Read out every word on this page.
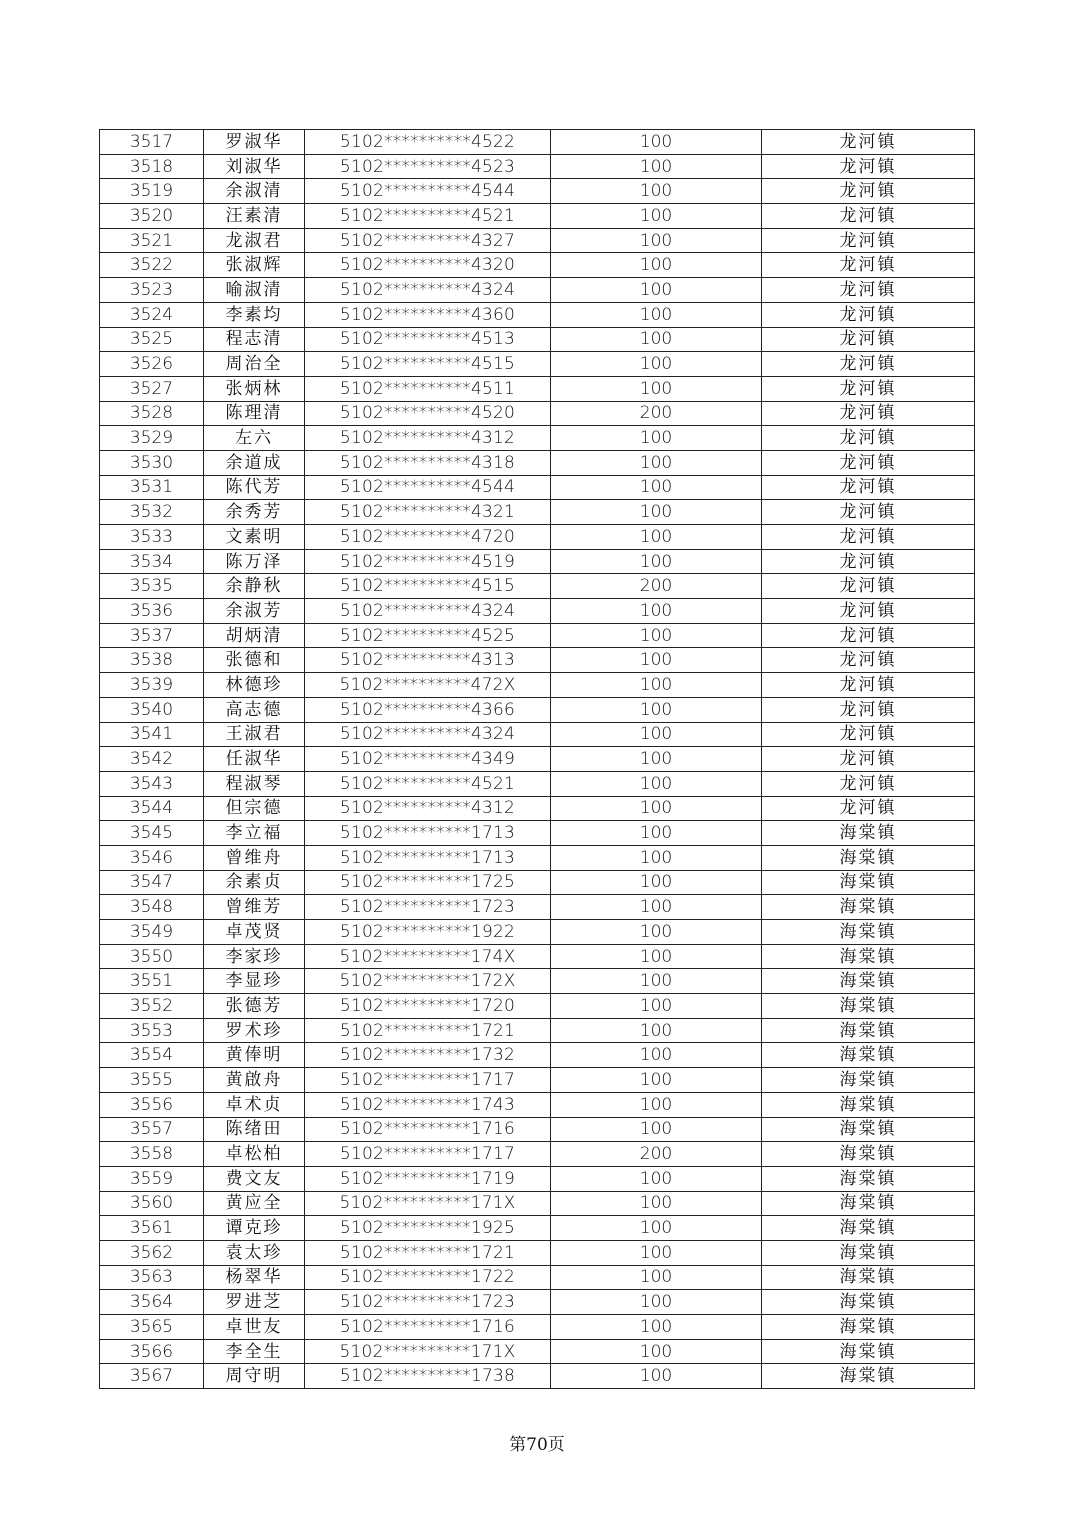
3517	罗淑华	5102**********4522	100	龙河镇
3518	刘淑华	5102**********4523	100	龙河镇
3519	余淑清	5102**********4544	100	龙河镇
3520	汪素清	5102**********4521	100	龙河镇
3521	龙淑君	5102**********4327	100	龙河镇
3522	张淑辉	5102**********4320	100	龙河镇
3523	喻淑清	5102**********4324	100	龙河镇
3524	李素均	5102**********4360	100	龙河镇
3525	程志清	5102**********4513	100	龙河镇
3526	周治全	5102**********4515	100	龙河镇
3527	张炳林	5102**********4511	100	龙河镇
3528	陈理清	5102**********4520	200	龙河镇
3529	左六	5102**********4312	100	龙河镇
3530	余道成	5102**********4318	100	龙河镇
3531	陈代芳	5102**********4544	100	龙河镇
3532	余秀芳	5102**********4321	100	龙河镇
3533	文素明	5102**********4720	100	龙河镇
3534	陈万泽	5102**********4519	100	龙河镇
3535	余静秋	5102**********4515	200	龙河镇
3536	余淑芳	5102**********4324	100	龙河镇
3537	胡炳清	5102**********4525	100	龙河镇
3538	张德和	5102**********4313	100	龙河镇
3539	林德珍	5102**********472X	100	龙河镇
3540	高志德	5102**********4366	100	龙河镇
3541	王淑君	5102**********4324	100	龙河镇
3542	任淑华	5102**********4349	100	龙河镇
3543	程淑琴	5102**********4521	100	龙河镇
3544	但宗德	5102**********4312	100	龙河镇
3545	李立福	5102**********1713	100	海棠镇
3546	曾维舟	5102**********1713	100	海棠镇
3547	余素贞	5102**********1725	100	海棠镇
3548	曾维芳	5102**********1723	100	海棠镇
3549	卓茂贤	5102**********1922	100	海棠镇
3550	李家珍	5102**********174X	100	海棠镇
3551	李显珍	5102**********172X	100	海棠镇
3552	张德芳	5102**********1720	100	海棠镇
3553	罗术珍	5102**********1721	100	海棠镇
3554	黄俸明	5102**********1732	100	海棠镇
3555	黄啟舟	5102**********1717	100	海棠镇
3556	卓术贞	5102**********1743	100	海棠镇
3557	陈绪田	5102**********1716	100	海棠镇
3558	卓松柏	5102**********1717	200	海棠镇
3559	费文友	5102**********1719	100	海棠镇
3560	黄应全	5102**********171X	100	海棠镇
3561	谭克珍	5102**********1925	100	海棠镇
3562	袁太珍	5102**********1721	100	海棠镇
3563	杨翠华	5102**********1722	100	海棠镇
3564	罗进芝	5102**********1723	100	海棠镇
3565	卓世友	5102**********1716	100	海棠镇
3566	李全生	5102**********171X	100	海棠镇
3567	周守明	5102**********1738	100	海棠镇
第70页
